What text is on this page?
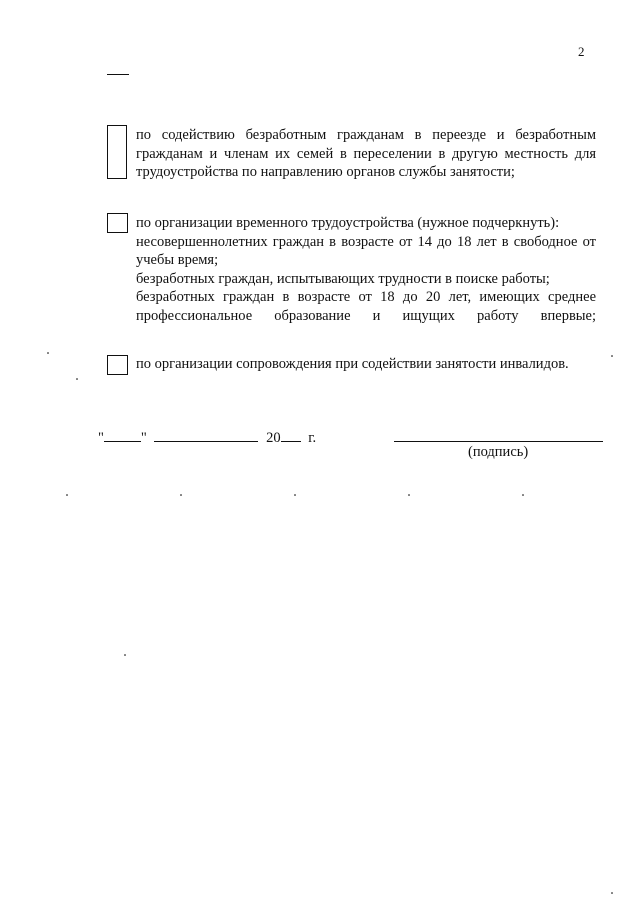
2
по содействию безработным гражданам в переезде и безработным гражданам и членам их семей в переселении в другую местность для трудоустройства по направлению органов службы занятости;
по организации временного трудоустройства (нужное подчеркнуть):
несовершеннолетних граждан в возрасте от 14 до 18 лет в свободное от учебы время;
безработных граждан, испытывающих трудности в поиске работы;
безработных граждан в возрасте от 18 до 20 лет, имеющих среднее профессиональное образование и ищущих работу впервые;
по организации сопровождения при содействии занятости инвалидов.
"	"	20 г.
(подпись)
